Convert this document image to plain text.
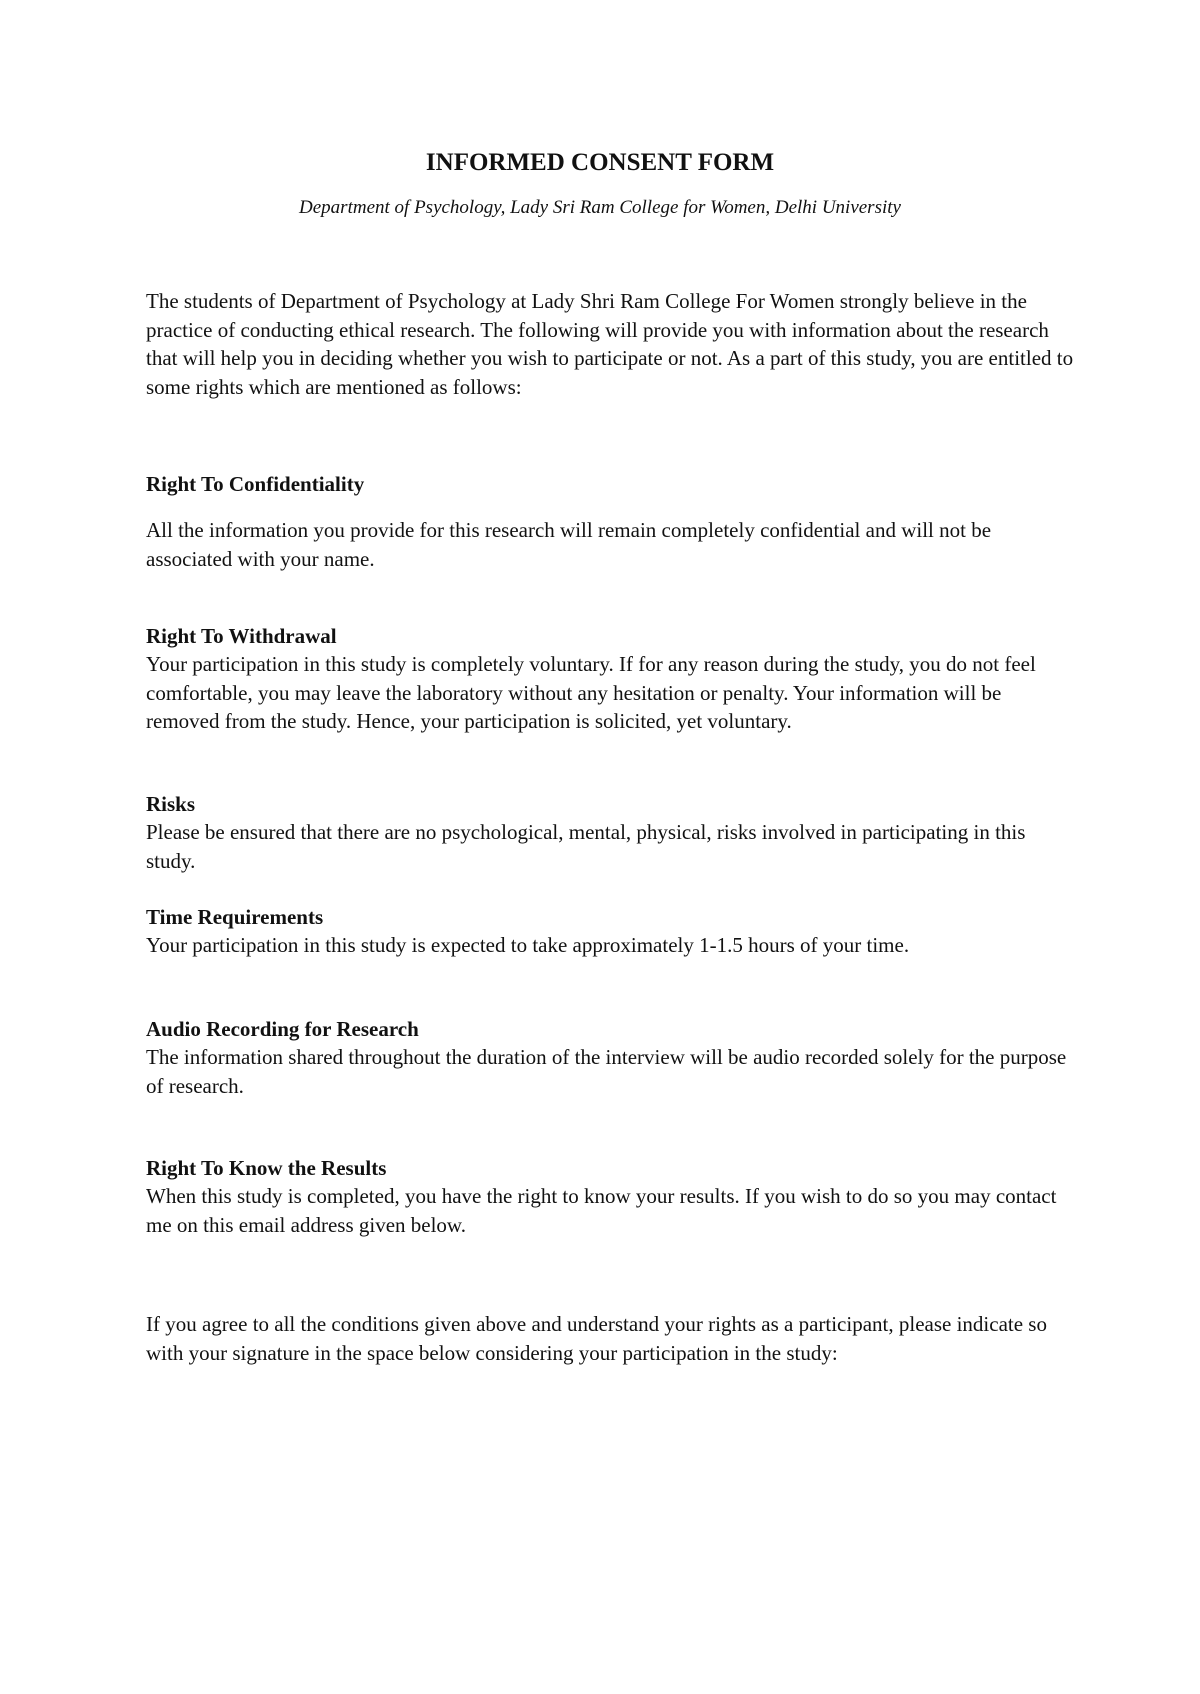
INFORMED CONSENT FORM

Department of Psychology, Lady Sri Ram College for Women, Delhi University

The students of Department of Psychology at Lady Shri Ram College For Women strongly believe in the practice of conducting ethical research. The following will provide you with information about the research that will help you in deciding whether you wish to participate or not. As a part of this study, you are entitled to some rights which are mentioned as follows:

Right To Confidentiality

All the information you provide for this research will remain completely confidential and will not be associated with your name.

Right To Withdrawal

Your participation in this study is completely voluntary. If for any reason during the study, you do not feel comfortable, you may leave the laboratory without any hesitation or penalty. Your information will be removed from the study. Hence, your participation is solicited, yet voluntary.

Risks

Please be ensured that there are no psychological, mental, physical, risks involved in participating in this study.

Time Requirements

Your participation in this study is expected to take approximately 1-1.5 hours of your time.

Audio Recording for Research

The information shared throughout the duration of the interview will be audio recorded solely for the purpose of research.

Right To Know the Results

When this study is completed, you have the right to know your results. If you wish to do so you may contact me on this email address given below.

If you agree to all the conditions given above and understand your rights as a participant, please indicate so with your signature in the space below considering your participation in the study:
